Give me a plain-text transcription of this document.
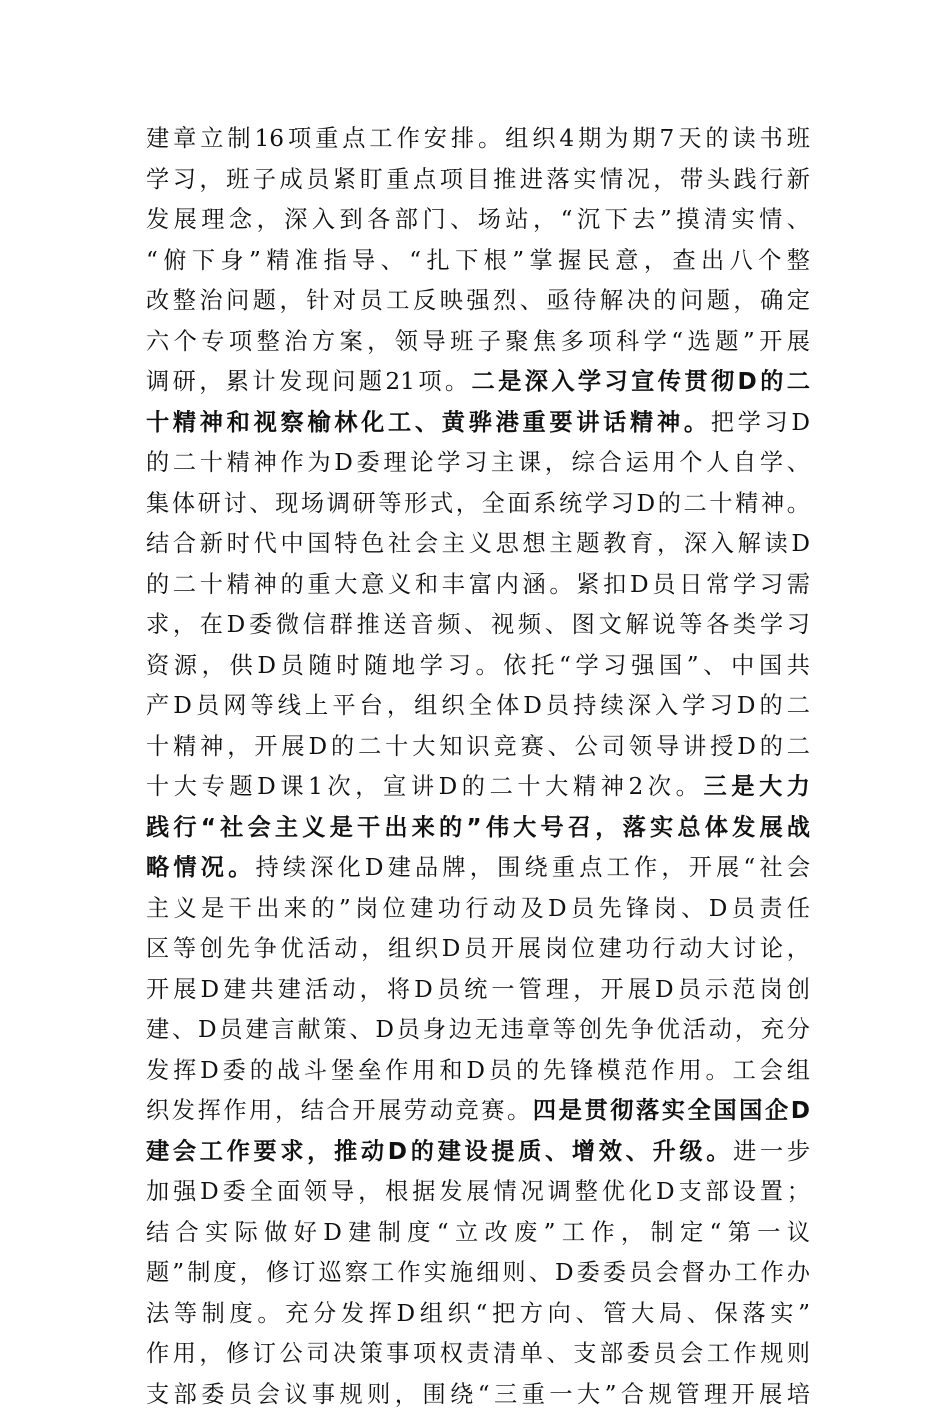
建章立制16项重点工作安排。组织4期为期7天的读书班
学习，班子成员紧盯重点项目推进落实情况，带头践行新
发展理念，深入到各部门、场站，“沉下去”摸清实情、
“俯下身”精准指导、“扎下根”掌握民意，查出八个整
改整治问题，针对员工反映强烈、亟待解决的问题，确定
六个专项整治方案，领导班子聚焦多项科学“选题”开展
调研，累计发现问题21项。二是深入学习宣传贯彻D的二
十精神和视察榆林化工、黄骅港重要讲话精神。把学习D
的二十精神作为D委理论学习主课，综合运用个人自学、
集体研讨、现场调研等形式，全面系统学习D的二十精神。
结合新时代中国特色社会主义思想主题教育，深入解读D
的二十精神的重大意义和丰富内涵。紧扣D员日常学习需
求，在D委微信群推送音频、视频、图文解说等各类学习
资源，供D员随时随地学习。依托“学习强国”、中国共
产D员网等线上平台，组织全体D员持续深入学习D的二
十精神，开展D的二十大知识竞赛、公司领导讲授D的二
十大专题D课1次，宣讲D的二十大精神2次。三是大力
践行“社会主义是干出来的”伟大号召，落实总体发展战
略情况。持续深化D建品牌，围绕重点工作，开展“社会
主义是干出来的”岗位建功行动及D员先锋岗、D员责任
区等创先争优活动，组织D员开展岗位建功行动大讨论，
开展D建共建活动，将D员统一管理，开展D员示范岗创
建、D员建言献策、D员身边无违章等创先争优活动，充分
发挥D委的战斗堡垒作用和D员的先锋模范作用。工会组
织发挥作用，结合开展劳动竞赛。四是贯彻落实全国国企D
建会工作要求，推动D的建设提质、增效、升级。进一步
加强D委全面领导，根据发展情况调整优化D支部设置；
结合实际做好D建制度“立改废”工作，制定“第一议
题”制度，修订巡察工作实施细则、D委委员会督办工作办
法等制度。充分发挥D组织“把方向、管大局、保落实”
作用，修订公司决策事项权责清单、支部委员会工作规则
支部委员会议事规则，围绕“三重一大”合规管理开展培
